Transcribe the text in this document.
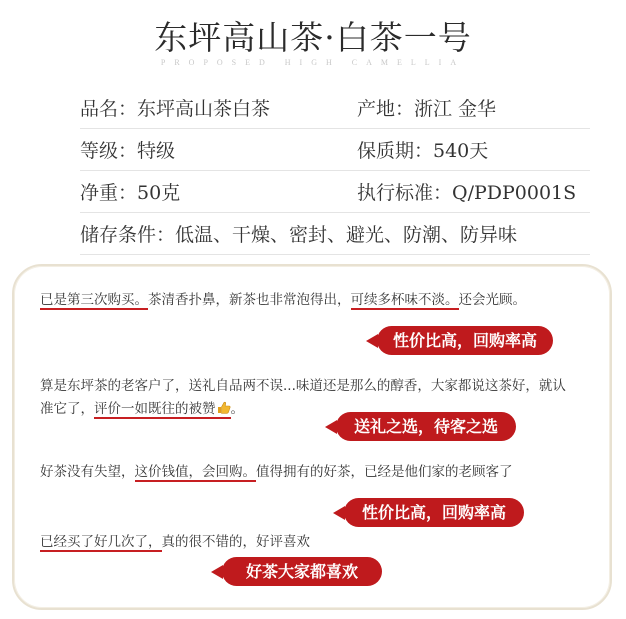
东坪高山茶·白茶一号
PROPOSED HIGH CAMELLIA
品名：东坪高山茶白茶	产地：浙江 金华
等级：特级	保质期：540天
净重：50克	执行标准：Q/PDP0001S
储存条件：低温、干燥、密封、避光、防潮、防异味
已是第三次购买。茶清香扑鼻，新茶也非常泡得出，可续多杯味不淡。还会光顾。
性价比高，回购率高
算是东坪茶的老客户了，送礼自品两不误...味道还是那么的醇香，大家都说这茶好，就认
准它了，评价一如既往的被赞 。
送礼之选，待客之选
好茶没有失望，这价钱值，会回购。值得拥有的好茶，已经是他们家的老顾客了
性价比高，回购率高
已经买了好几次了，真的很不错的，好评喜欢
好茶大家都喜欢
